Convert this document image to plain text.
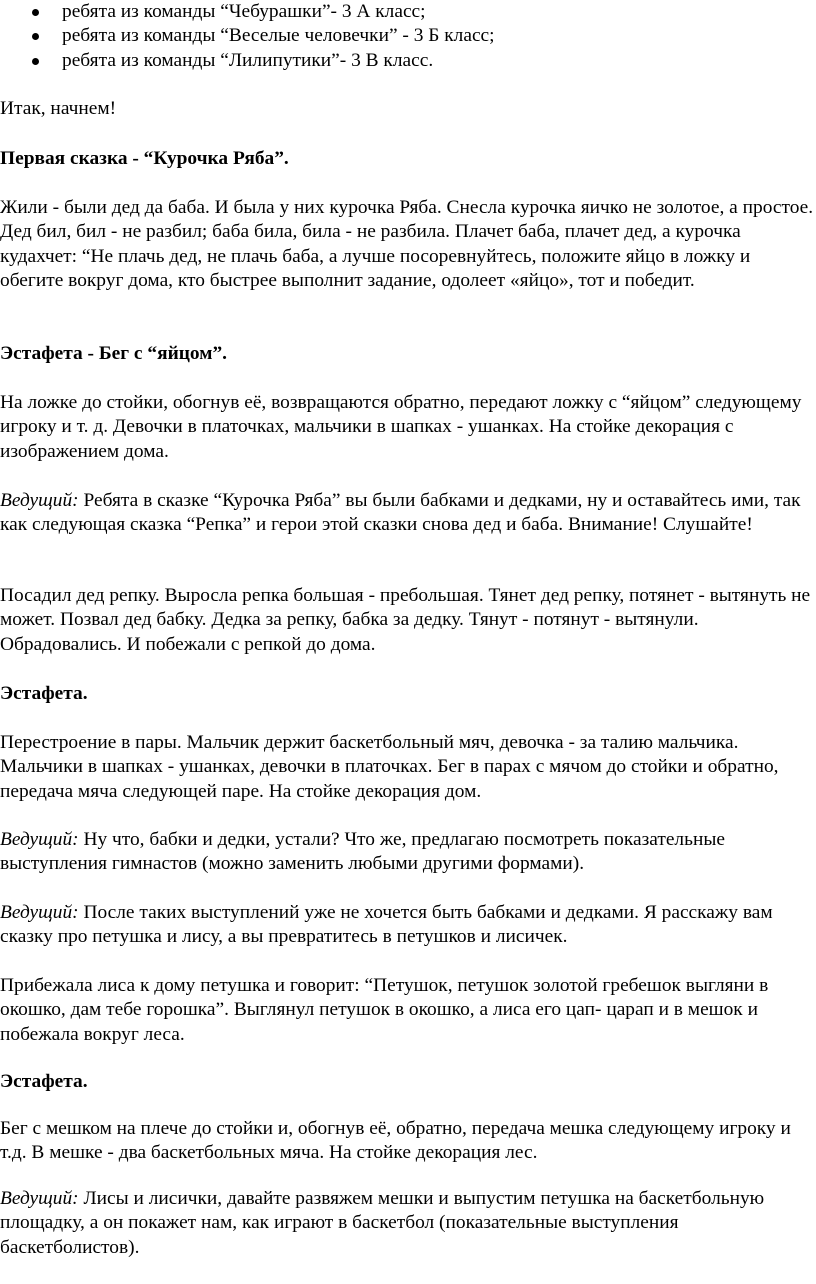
ребята из команды “Чебурашки”- 3 А класс;
ребята из команды “Веселые человечки” - 3 Б класс;
ребята из команды “Лилипутики”- 3 В класс.

Итак, начнем!

Первая сказка - “Курочка Ряба”.

Жили - были дед да баба. И была у них курочка Ряба. Снесла курочка яичко не золотое, а простое. Дед бил, бил - не разбил; баба била, била - не разбила. Плачет баба, плачет дед, а курочка кудахчет: “Не плачь дед, не плачь баба, а лучше посоревнуйтесь, положите яйцо в ложку и обегите вокруг дома, кто быстрее выполнит задание, одолеет «яйцо», тот и победит.

Эстафета - Бег с “яйцом”.

На ложке до стойки, обогнув её, возвращаются обратно, передают ложку с “яйцом” следующему игроку и т. д. Девочки в платочках, мальчики в шапках - ушанках. На стойке декорация с изображением дома.

Ведущий: Ребята в сказке “Курочка Ряба” вы были бабками и дедками, ну и оставайтесь ими, так как следующая сказка “Репка” и герои этой сказки снова дед и баба. Внимание! Слушайте!

Посадил дед репку. Выросла репка большая - пребольшая. Тянет дед репку, потянет - вытянуть не может. Позвал дед бабку. Дедка за репку, бабка за дедку. Тянут - потянут - вытянули. Обрадовались. И побежали с репкой до дома.

Эстафета.

Перестроение в пары. Мальчик держит баскетбольный мяч, девочка - за талию мальчика. Мальчики в шапках - ушанках, девочки в платочках. Бег в парах с мячом до стойки и обратно, передача мяча следующей паре. На стойке декорация дом.

Ведущий: Ну что, бабки и дедки, устали? Что же, предлагаю посмотреть показательные выступления гимнастов (можно заменить любыми другими формами).

Ведущий: После таких выступлений уже не хочется быть бабками и дедками. Я расскажу вам сказку про петушка и лису, а вы превратитесь в петушков и лисичек.

Прибежала лиса к дому петушка и говорит: “Петушок, петушок золотой гребешок выгляни в окошко, дам тебе горошка”. Выглянул петушок в окошко, а лиса его цап- царап и в мешок и побежала вокруг леса.

Эстафета.

Бег с мешком на плече до стойки и, обогнув её, обратно, передача мешка следующему игроку и т.д. В мешке - два баскетбольных мяча. На стойке декорация лес.

Ведущий: Лисы и лисички, давайте развяжем мешки и выпустим петушка на баскетбольную площадку, а он покажет нам, как играют в баскетбол (показательные выступления баскетболистов).
